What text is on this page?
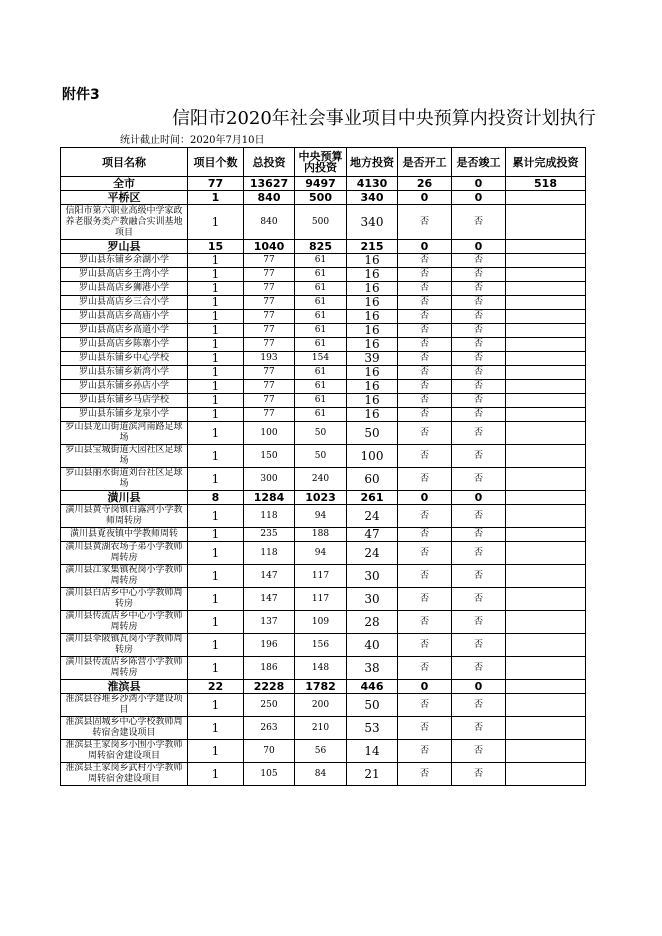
附件3
信阳市2020年社会事业项目中央预算内投资计划执行
统计截止时间：2020年7月10日
项目名称	项目个数	总投资	中央预算内投资	地方投资	是否开工	是否竣工	累计完成投资
全市	77	13627	9497	4130	26	0	518
平桥区	1	840	500	340	0	0	
信阳市第六职业高级中学家政养老服务类产教融合实训基地项目	1	840	500	340	否	否	
罗山县	15	1040	825	215	0	0	
罗山县东铺乡余湖小学	1	77	61	16	否	否	
罗山县高店乡王湾小学	1	77	61	16	否	否	
罗山县高店乡狮港小学	1	77	61	16	否	否	
罗山县高店乡三合小学	1	77	61	16	否	否	
罗山县高店乡高庙小学	1	77	61	16	否	否	
罗山县高店乡高道小学	1	77	61	16	否	否	
罗山县高店乡陈寨小学	1	77	61	16	否	否	
罗山县东铺乡中心学校	1	193	154	39	否	否	
罗山县东铺乡新湾小学	1	77	61	16	否	否	
罗山县东铺乡孙店小学	1	77	61	16	否	否	
罗山县东铺乡马店学校	1	77	61	16	否	否	
罗山县东铺乡龙泉小学	1	77	61	16	否	否	
罗山县龙山街道滨河南路足球场	1	100	50	50	否	否	
罗山县宝城街道大园社区足球场	1	150	50	100	否	否	
罗山县丽水街道刘台社区足球场	1	300	240	60	否	否	
潢川县	8	1284	1023	261	0	0	
潢川县黄寺岗镇白露河小学教师周转房	1	118	94	24	否	否	
潢川县覔夜镇中学教师周转	1	235	188	47	否	否	
潢川县黄湖农场子弟小学教师周转房	1	118	94	24	否	否	
潢川县江家集镇祝岗小学教师周转房	1	147	117	30	否	否	
潢川县白店乡中心小学教师周转房	1	147	117	30	否	否	
潢川县传流店乡中心小学教师周转房	1	137	109	28	否	否	
潢川县伞陂镇瓦岗小学教师周转房	1	196	156	40	否	否	
潢川县传流店乡陈营小学教师周转房	1	186	148	38	否	否	
淮滨县	22	2228	1782	446	0	0	
淮滨县谷堆乡沙湾小学建设项目	1	250	200	50	否	否	
淮滨县固城乡中心学校教师周转宿舍建设项目	1	263	210	53	否	否	
淮滨县王家岗乡小围小学教师周转宿舍建设项目	1	70	56	14	否	否	
淮滨县王家岗乡武村小学教师周转宿舍建设项目	1	105	84	21	否	否	
